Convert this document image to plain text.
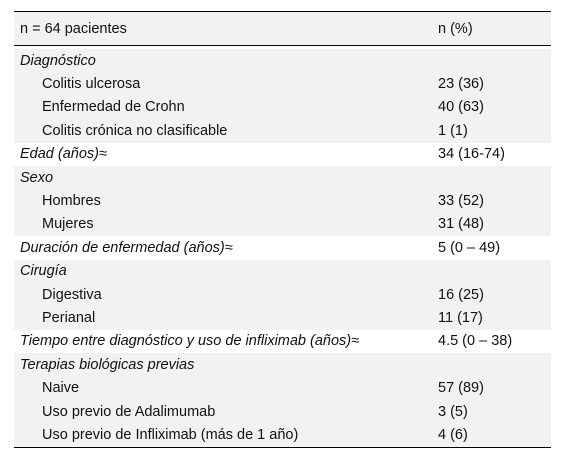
n = 64 pacientes	n (%)
Diagnóstico
Colitis ulcerosa	23 (36)
Enfermedad de Crohn	40 (63)
Colitis crónica no clasificable	1 (1)
Edad (años)≈	34 (16-74)
Sexo
Hombres	33 (52)
Mujeres	31 (48)
Duración de enfermedad (años)≈	5 (0 – 49)
Cirugía
Digestiva	16 (25)
Perianal	11 (17)
Tiempo entre diagnóstico y uso de infliximab (años)≈	4.5 (0 – 38)
Terapias biológicas previas
Naive	57 (89)
Uso previo de Adalimumab	3 (5)
Uso previo de Infliximab (más de 1 año)	4 (6)
